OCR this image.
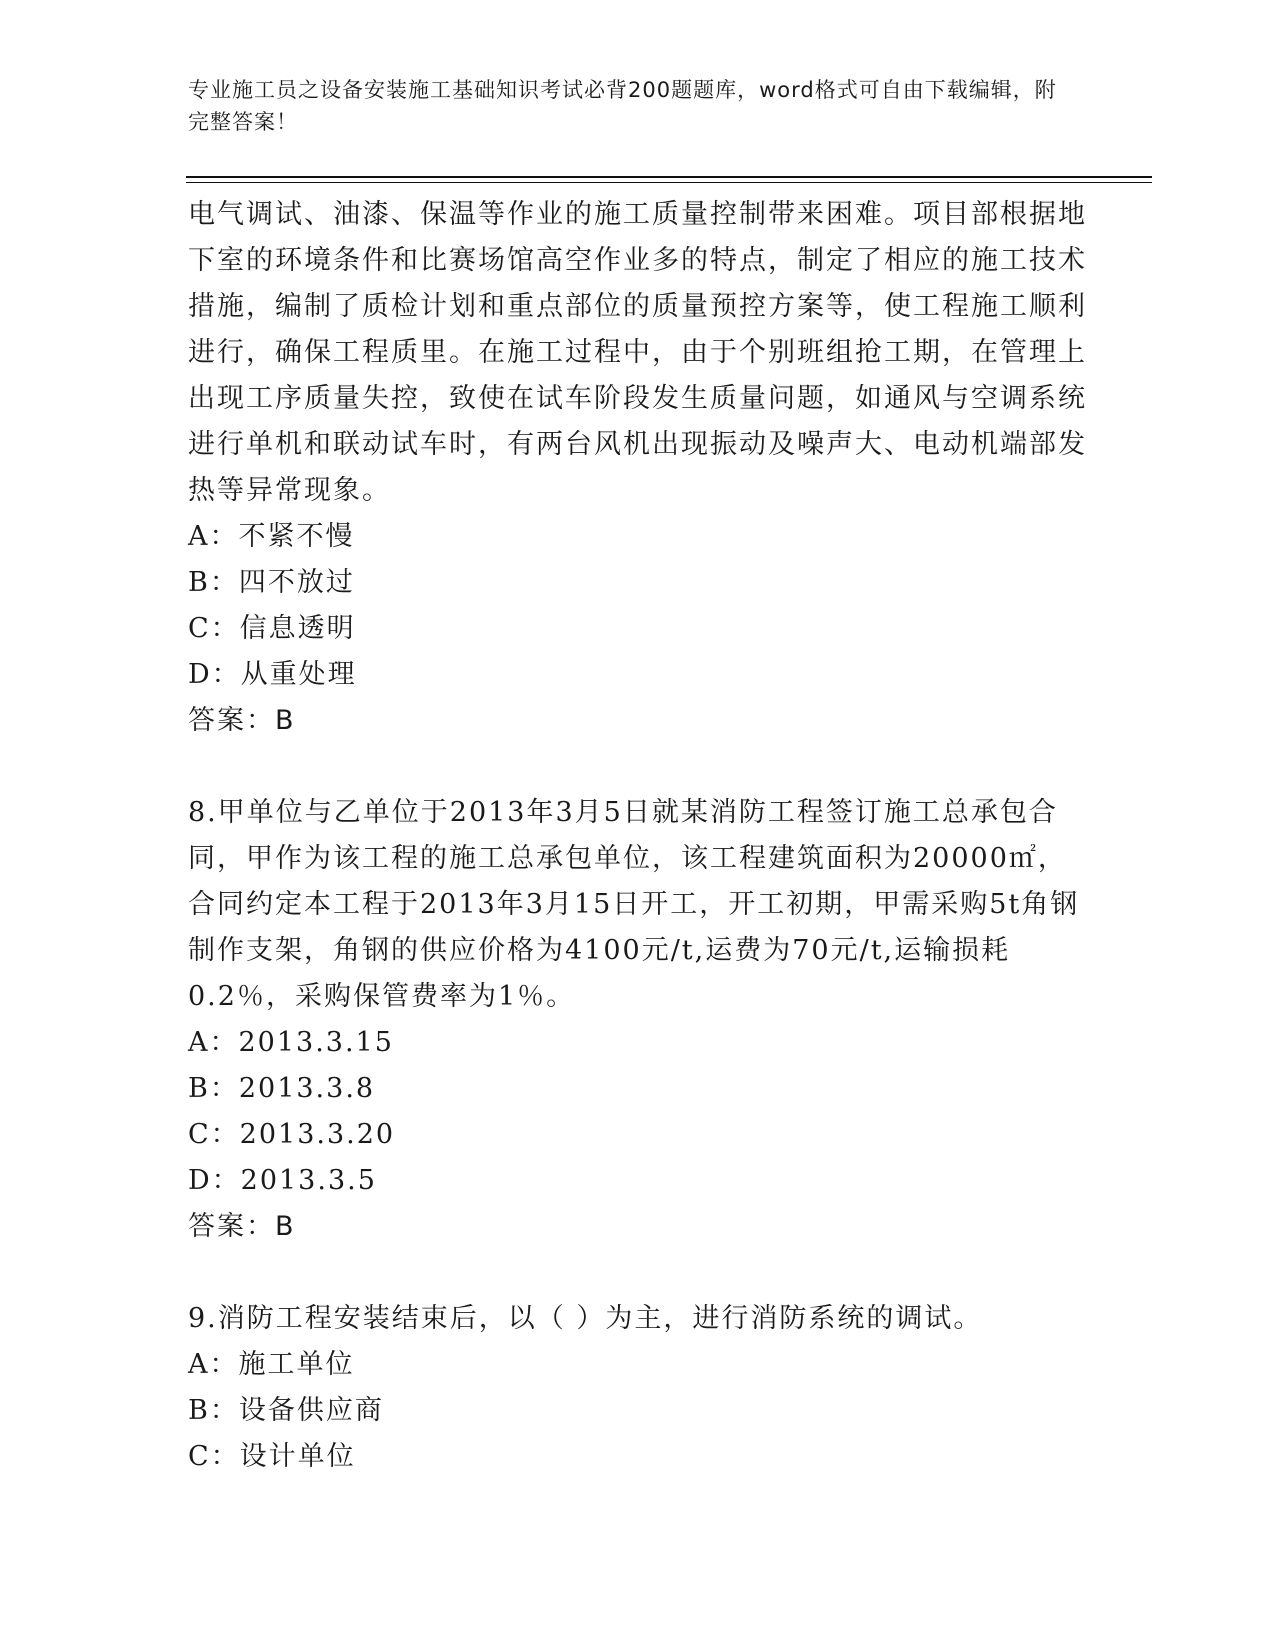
专业施工员之设备安装施工基础知识考试必背200题题库，word格式可自由下载编辑，附完整答案！

电气调试、油漆、保温等作业的施工质量控制带来困难。项目部根据地下室的环境条件和比赛场馆高空作业多的特点，制定了相应的施工技术措施，编制了质检计划和重点部位的质量预控方案等，使工程施工顺利进行，确保工程质里。在施工过程中，由于个别班组抢工期，在管理上出现工序质量失控，致使在试车阶段发生质量问题，如通风与空调系统进行单机和联动试车时，有两台风机出现振动及噪声大、电动机端部发热等异常现象。

A：不紧不慢

B：四不放过

C：信息透明

D：从重处理

答案：B

8.甲单位与乙单位于2013年3月5日就某消防工程签订施工总承包合同，甲作为该工程的施工总承包单位，该工程建筑面积为20000㎡，合同约定本工程于2013年3月15日开工，开工初期，甲需采购5t角钢制作支架，角钢的供应价格为4100元/t,运费为70元/t,运输损耗0.2％，采购保管费率为1％。

A：2013.3.15

B：2013.3.8

C：2013.3.20

D：2013.3.5

答案：B

9.消防工程安装结束后，以（ ）为主，进行消防系统的调试。

A：施工单位

B：设备供应商

C：设计单位
